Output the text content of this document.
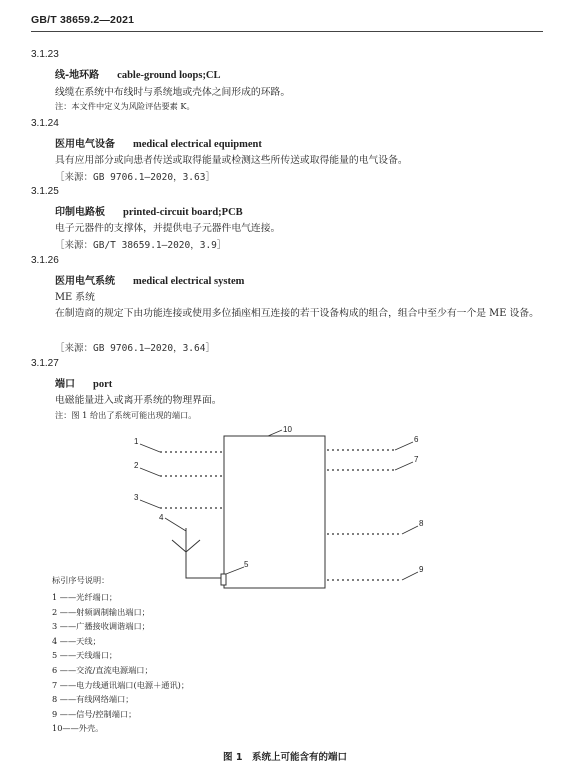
GB/T 38659.2—2021
3.1.23
线-地环路 cable-ground loops;CL
线缆在系统中布线时与系统地或壳体之间形成的环路。
注：本文件中定义为风险评估要素 K。
3.1.24
医用电气设备 medical electrical equipment
具有应用部分或向患者传送或取得能量或检测这些所传送或取得能量的电气设备。
［来源：GB 9706.1—2020，3.63］
3.1.25
印制电路板 printed-circuit board;PCB
电子元器件的支撑体，并提供电子元器件电气连接。
［来源：GB/T 38659.1—2020，3.9］
3.1.26
医用电气系统 medical electrical system
ME 系统
在制造商的规定下由功能连接或使用多位插座相互连接的若干设备构成的组合，组合中至少有一个是 ME 设备。
［来源：GB 9706.1—2020，3.64］
3.1.27
端口 port
电磁能量进入或离开系统的物理界面。
注：图 1 给出了系统可能出现的端口。
1
2
3
4
5
6
7
8
9
10
标引序号说明：
1 ——光纤端口；
2 ——射频调制输出端口；
3 ——广播接收调谐端口；
4 ——天线；
5 ——天线端口；
6 ——交流/直流电源端口；
7 ——电力线通讯端口(电源＋通讯)；
8 ——有线网络端口；
9 ——信号/控制端口；
10——外壳。
图 1　系统上可能含有的端口
